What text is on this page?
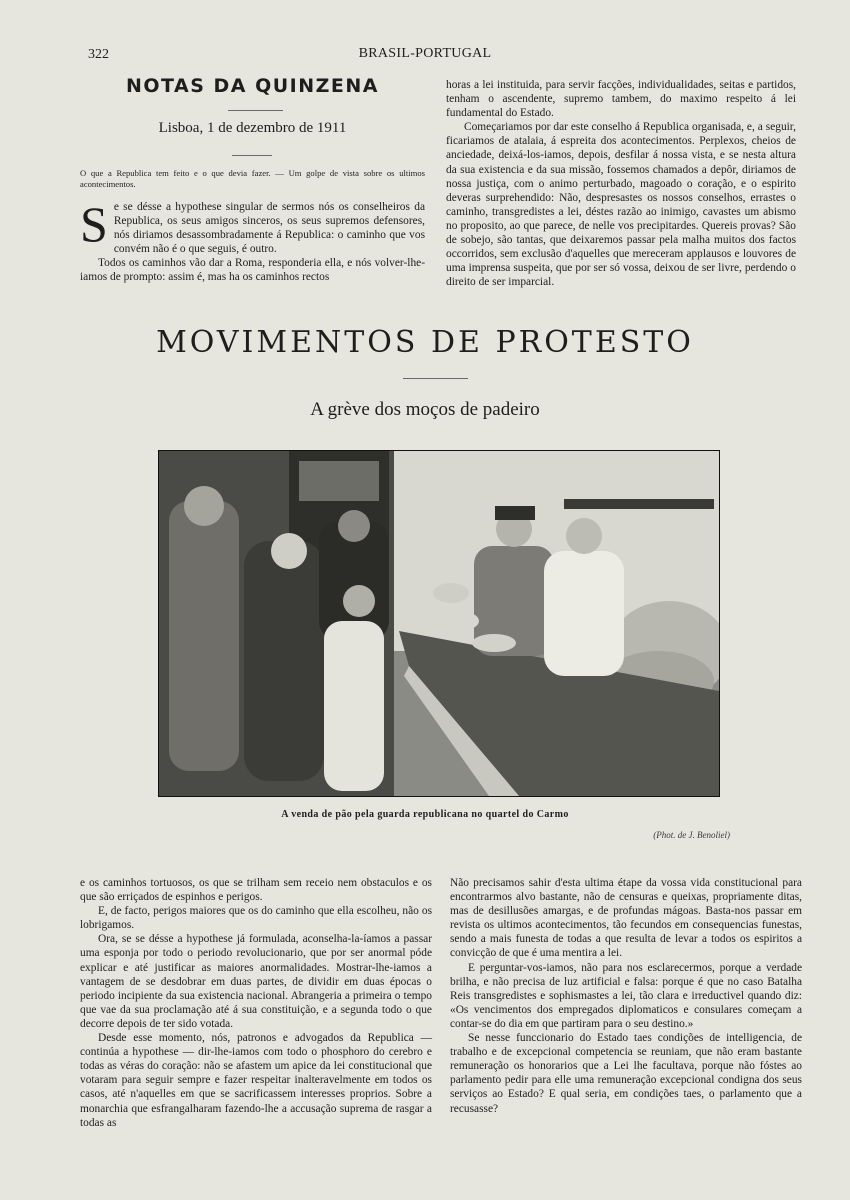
322	BRASIL-PORTUGAL
NOTAS DA QUINZENA
Lisboa, 1 de dezembro de 1911
O que a Republica tem feito e o que devia fazer. — Um golpe de vista sobre os ultimos acontecimentos.

Se se désse a hypothese singular de sermos nós os conselheiros da Republica, os seus amigos sinceros, os seus supremos defensores, nós diriamos desassombradamente á Republica: o caminho que vos convém não é o que seguis, é outro.

Todos os caminhos vão dar a Roma, responderia ella, e nós volver-lhe-iamos de prompto: assim é, mas ha os caminhos rectos

horas a lei instituida, para servir facções, individualidades, seitas e partidos, tenham o ascendente, supremo tambem, do maximo respeito á lei fundamental do Estado.

Começariamos por dar este conselho á Republica organisada, e, a seguir, ficariamos de atalaia, á espreita dos acontecimentos. Perplexos, cheios de anciedade, deixá-los-iamos, depois, desfilar á nossa vista, e se nesta altura da sua existencia e da sua missão, fossemos chamados a depôr, diriamos de nossa justiça, com o animo perturbado, magoado o coração, e o espirito deveras surprehendido: Não, despresastes os nossos conselhos, errastes o caminho, transgredistes a lei, déstes razão ao inimigo, cavastes um abismo no proposito, ao que parece, de nelle vos precipitardes. Quereis provas? São de sobejo, são tantas, que deixaremos passar pela malha muitos dos factos occorridos, sem exclusão d'aquelles que mereceram applausos e louvores de uma imprensa suspeita, que por ser só vossa, deixou de ser livre, perdendo o direito de ser imparcial.

MOVIMENTOS DE PROTESTO
A grève dos moços de padeiro
A venda de pão pela guarda republicana no quartel do Carmo
(Phot. de J. Benoliel)

e os caminhos tortuosos, os que se trilham sem receio nem obstaculos e os que são erriçados de espinhos e perigos.

E, de facto, perigos maiores que os do caminho que ella escolheu, não os lobrigamos.

Ora, se se désse a hypothese já formulada, aconselha-la-íamos a passar uma esponja por todo o periodo revolucionario, que por ser anormal póde explicar e até justificar as maiores anormalidades. Mostrar-lhe-iamos a vantagem de se desdobrar em duas partes, de dividir em duas épocas o periodo incipiente da sua existencia nacional. Abrangeria a primeira o tempo que vae da sua proclamação até á sua constituição, e a segunda todo o que decorre depois de ter sido votada.

Desde esse momento, nós, patronos e advogados da Republica — continúa a hypothese — dir-lhe-iamos com todo o phosphoro do cerebro e todas as véras do coração: não se afastem um apice da lei constitucional que votaram para seguir sempre e fazer respeitar inalteravelmente em todos os casos, até n'aquelles em que se sacrificassem interesses proprios. Sobre a monarchia que esfrangalharam fazendo-lhe a accusação suprema de rasgar a todas as

Não precisamos sahir d'esta ultima étape da vossa vida constitucional para encontrarmos alvo bastante, não de censuras e queixas, propriamente ditas, mas de desillusões amargas, e de profundas mágoas. Basta-nos passar em revista os ultimos acontecimentos, tão fecundos em consequencias funestas, sendo a mais funesta de todas a que resulta de levar a todos os espiritos a convicção de que é uma mentira a lei.

E perguntar-vos-iamos, não para nos esclarecermos, porque a verdade brilha, e não precisa de luz artificial e falsa: porque é que no caso Batalha Reis transgredistes e sophismastes a lei, tão clara e irreductivel quando diz: «Os vencimentos dos empregados diplomaticos e consulares começam a contar-se do dia em que partiram para o seu destino.»

Se nesse funccionario do Estado taes condições de intelligencia, de trabalho e de excepcional competencia se reuniam, que não eram bastante remuneração os honorarios que a Lei lhe facultava, porque não fóstes ao parlamento pedir para elle uma remuneração excepcional condigna dos seus serviços ao Estado? E qual seria, em condições taes, o parlamento que a recusasse?
